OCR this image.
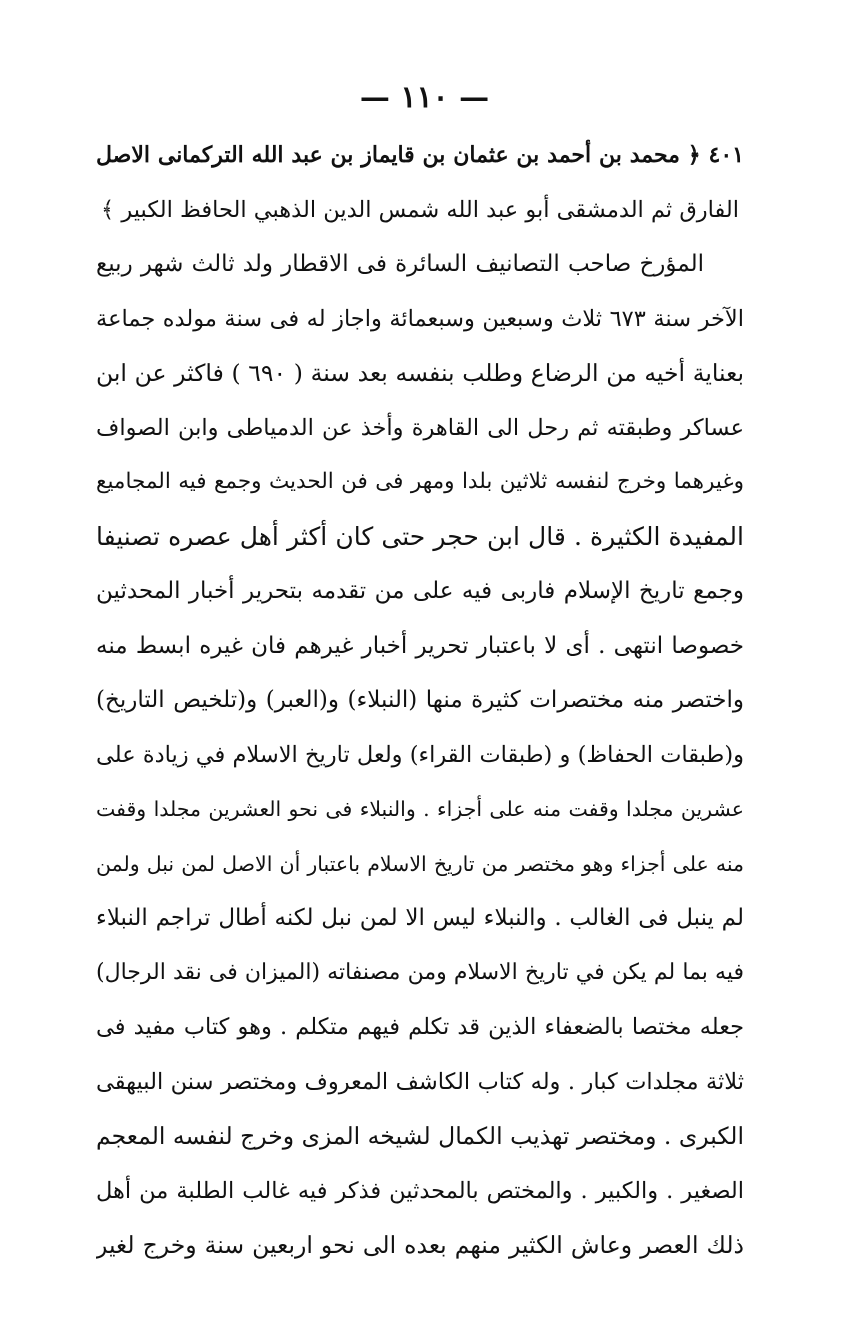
— ١١٠ —
٤٠١ ﴿ محمد بن أحمد بن عثمان بن قايماز بن عبد الله التركمانى الاصل
الفارق ثم الدمشقى أبو عبد الله شمس الدين الذهبي الحافظ الكبير ﴾
المؤرخ صاحب التصانيف السائرة فى الاقطار ولد ثالث شهر ربيع
الآخر سنة ٦٧٣ ثلاث وسبعين وسبعمائة واجاز له فى سنة مولده جماعة
بعناية أخيه من الرضاع وطلب بنفسه بعد سنة ( ٦٩٠ ) فاكثر عن ابن
عساكر وطبقته ثم رحل الى القاهرة وأخذ عن الدمياطى وابن الصواف
وغيرهما وخرج لنفسه ثلاثين بلدا ومهر فى فن الحديث وجمع فيه المجاميع
المفيدة الكثيرة . قال ابن حجر حتى كان أكثر أهل عصره تصنيفا
وجمع تاريخ الإسلام فاربى فيه على من تقدمه بتحرير أخبار المحدثين
خصوصا انتهى . أى لا باعتبار تحرير أخبار غيرهم فان غيره ابسط منه
واختصر منه مختصرات كثيرة منها (النبلاء) و(العبر) و(تلخيص التاريخ)
و(طبقات الحفاظ) و (طبقات القراء) ولعل تاريخ الاسلام في زيادة على
عشرين مجلدا وقفت منه على أجزاء . والنبلاء فى نحو العشرين مجلدا وقفت
منه على أجزاء وهو مختصر من تاريخ الاسلام باعتبار أن الاصل لمن نبل ولمن
لم ينبل فى الغالب . والنبلاء ليس الا لمن نبل لكنه أطال تراجم النبلاء
فيه بما لم يكن في تاريخ الاسلام ومن مصنفاته (الميزان فى نقد الرجال)
جعله مختصا بالضعفاء الذين قد تكلم فيهم متكلم . وهو كتاب مفيد فى
ثلاثة مجلدات كبار . وله كتاب الكاشف المعروف ومختصر سنن البيهقى
الكبرى . ومختصر تهذيب الكمال لشيخه المزى وخرج لنفسه المعجم
الصغير . والكبير . والمختص بالمحدثين فذكر فيه غالب الطلبة من أهل
ذلك العصر وعاش الكثير منهم بعده الى نحو اربعين سنة وخرج لغير
